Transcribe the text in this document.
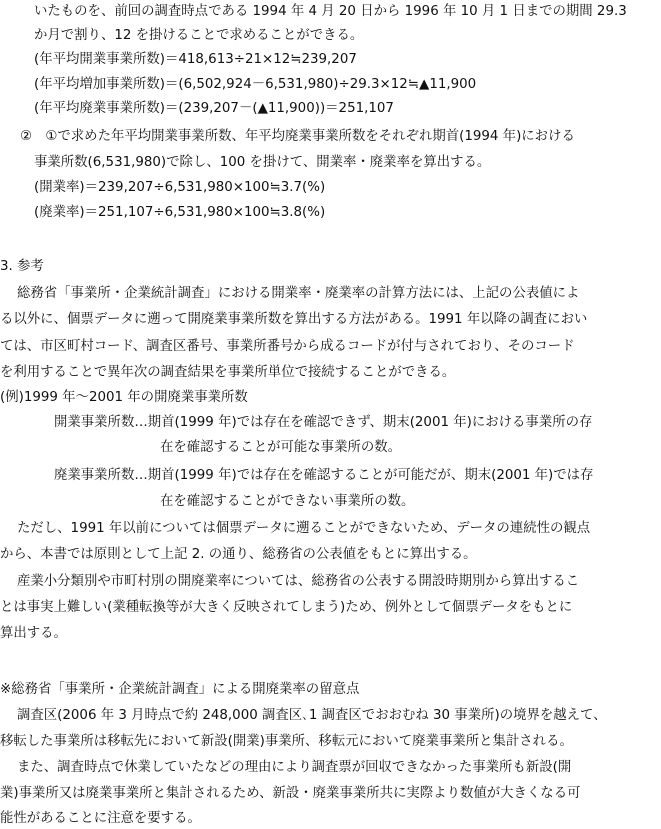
いたものを、前回の調査時点である 1994 年 4 月 20 日から 1996 年 10 月 1 日までの期間 29.3
か月で割り、12 を掛けることで求めることができる。
(年平均開業事業所数)＝418,613÷21×12≒239,207
(年平均増加事業所数)＝(6,502,924－6,531,980)÷29.3×12≒▲11,900
(年平均廃業事業所数)＝(239,207－(▲11,900))＝251,107
②　①で求めた年平均開業事業所数、年平均廃業事業所数をそれぞれ期首(1994 年)における
事業所数(6,531,980)で除し、100 を掛けて、開業率・廃業率を算出する。
(開業率)＝239,207÷6,531,980×100≒3.7(%)
(廃業率)＝251,107÷6,531,980×100≒3.8(%)
3. 参考
総務省「事業所・企業統計調査」における開業率・廃業率の計算方法には、上記の公表値によ
る以外に、個票データに遡って開廃業事業所数を算出する方法がある。1991 年以降の調査におい
ては、市区町村コード、調査区番号、事業所番号から成るコードが付与されており、そのコード
を利用することで異年次の調査結果を事業所単位で接続することができる。
(例)1999 年～2001 年の開廃業事業所数
開業事業所数…期首(1999 年)では存在を確認できず、期末(2001 年)における事業所の存
在を確認することが可能な事業所の数。
廃業事業所数…期首(1999 年)では存在を確認することが可能だが、期末(2001 年)では存
在を確認することができない事業所の数。
ただし、1991 年以前については個票データに遡ることができないため、データの連続性の観点
から、本書では原則として上記 2. の通り、総務省の公表値をもとに算出する。
産業小分類別や市町村別の開廃業率については、総務省の公表する開設時期別から算出するこ
とは事実上難しい(業種転換等が大きく反映されてしまう)ため、例外として個票データをもとに
算出する。
※総務省「事業所・企業統計調査」による開廃業率の留意点
調査区(2006 年 3 月時点で約 248,000 調査区､1 調査区でおおむね 30 事業所)の境界を越えて、
移転した事業所は移転先において新設(開業)事業所、移転元において廃業事業所と集計される。
また、調査時点で休業していたなどの理由により調査票が回収できなかった事業所も新設(開
業)事業所又は廃業事業所と集計されるため、新設・廃業事業所共に実際より数値が大きくなる可
能性があることに注意を要する。
